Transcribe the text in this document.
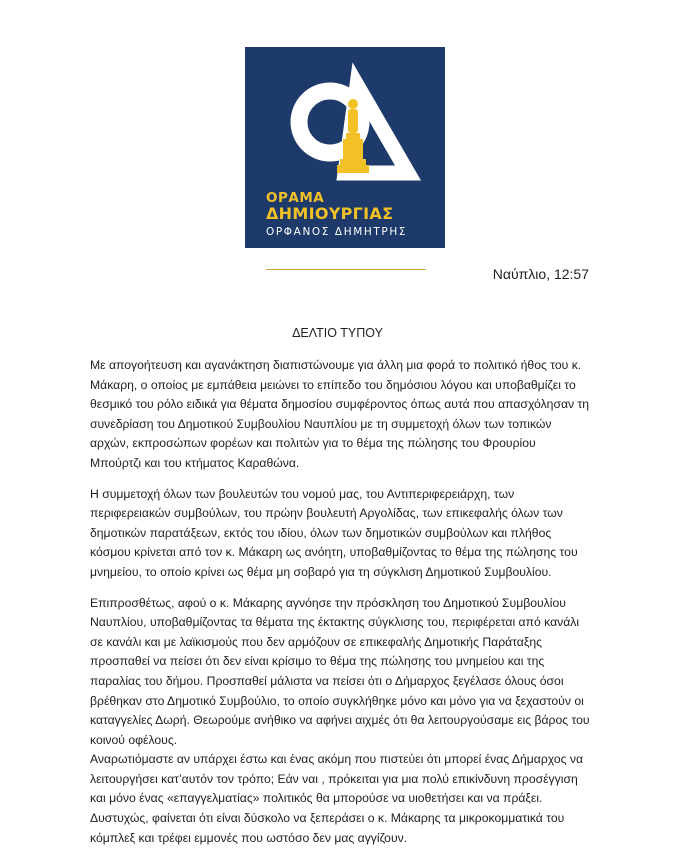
ΟΡΑΜΑ
ΔΗΜΙΟΥΡΓΙΑΣ
ΟΡΦΑΝΟΣ ΔΗΜΗΤΡΗΣ
Ναύπλιο, 12:57
ΔΕΛΤΙΟ ΤΥΠΟΥ

Με απογοήτευση και αγανάκτηση διαπιστώνουμε για άλλη μια φορά το πολιτικό ήθος του κ. Μάκαρη, ο οποίος με εμπάθεια μειώνει το επίπεδο του δημόσιου λόγου και υποβαθμίζει το θεσμικό του ρόλο ειδικά για θέματα δημοσίου συμφέροντος όπως αυτά που απασχόλησαν τη συνεδρίαση του Δημοτικού Συμβουλίου Ναυπλίου με τη συμμετοχή όλων των τοπικών αρχών, εκπροσώπων φορέων και πολιτών για το θέμα της πώλησης του Φρουρίου Μπούρτζι και του κτήματος Καραθώνα.

Η συμμετοχή όλων των βουλευτών του νομού μας, του Αντιπεριφερειάρχη, των περιφερειακών συμβούλων, του πρώην βουλευτή Αργολίδας, των επικεφαλής όλων των δημοτικών παρατάξεων, εκτός του ιδίου, όλων των δημοτικών συμβούλων και πλήθος κόσμου κρίνεται από τον κ. Μάκαρη ως ανόητη, υποβαθμίζοντας το θέμα της πώλησης του μνημείου, το οποίο κρίνει ως θέμα μη σοβαρό για τη σύγκλιση Δημοτικού Συμβουλίου.

Επιπροσθέτως, αφού ο κ. Μάκαρης αγνόησε την πρόσκληση του Δημοτικού Συμβουλίου Ναυπλίου, υποβαθμίζοντας τα θέματα της έκτακτης σύγκλισης του, περιφέρεται από κανάλι σε κανάλι και με λαϊκισμούς που δεν αρμόζουν σε επικεφαλής Δημοτικής Παράταξης προσπαθεί να πείσει ότι δεν είναι κρίσιμο το θέμα της πώλησης του μνημείου και της παραλίας του δήμου. Προσπαθεί μάλιστα να πείσει ότι ο Δήμαρχος ξεγέλασε όλους όσοι βρέθηκαν στο Δημοτικό Συμβούλιο, το οποίο συγκλήθηκε μόνο και μόνο για να ξεχαστούν οι καταγγελίες Δωρή. Θεωρούμε ανήθικο να αφήνει αιχμές ότι θα λειτουργούσαμε εις βάρος του κοινού οφέλους.

Αναρωτιόμαστε αν υπάρχει έστω και ένας ακόμη που πιστεύει ότι μπορεί ένας Δήμαρχος να λειτουργήσει κατ’αυτόν τον τρόπο; Εάν ναι , πρόκειται για μια πολύ επικίνδυνη προσέγγιση και μόνο ένας «επαγγελματίας» πολιτικός θα μπορούσε να υιοθετήσει και να πράξει. Δυστυχώς, φαίνεται ότι είναι δύσκολο να ξεπεράσει ο κ. Μάκαρης τα μικροκομματικά του κόμπλεξ και τρέφει εμμονές που ωστόσο δεν μας αγγίζουν.
